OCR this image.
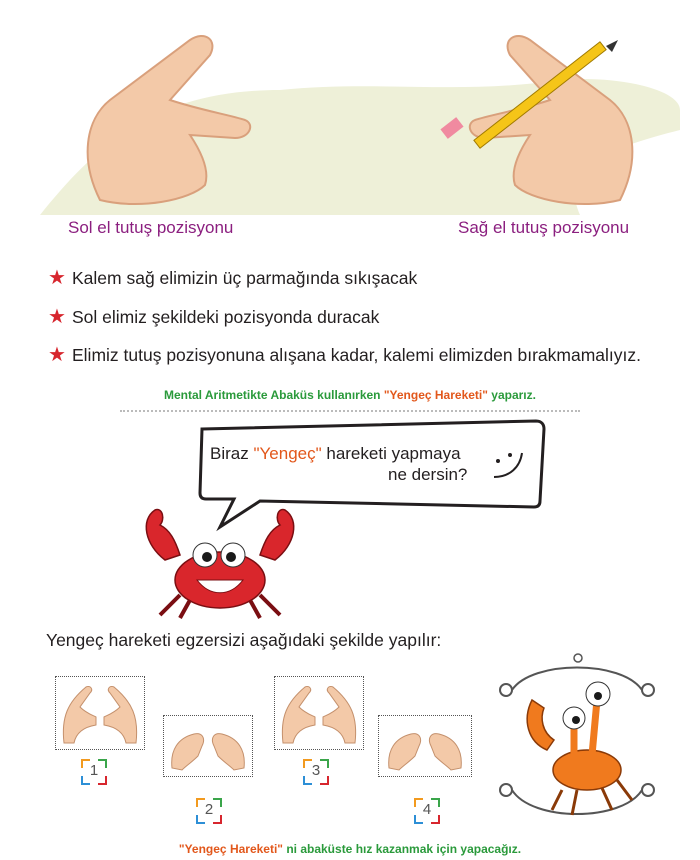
Sol el tutuş pozisyonu	Sağ el tutuş pozisyonu
★ Kalem sağ elimizin üç parmağında sıkışacak
★ Sol elimiz şekildeki pozisyonda duracak
★ Elimiz tutuş pozisyonuna alışana kadar, kalemi elimizden bırakmamalıyız.
Mental Aritmetikte Abaküs kullanırken "Yengeç Hareketi" yaparız.
Biraz "Yengeç" hareketi yapmaya
ne dersin?
Yengeç hareketi egzersizi aşağıdaki şekilde yapılır:
1
2
3
4
"Yengeç Hareketi" ni abaküste hız kazanmak için yapacağız.
